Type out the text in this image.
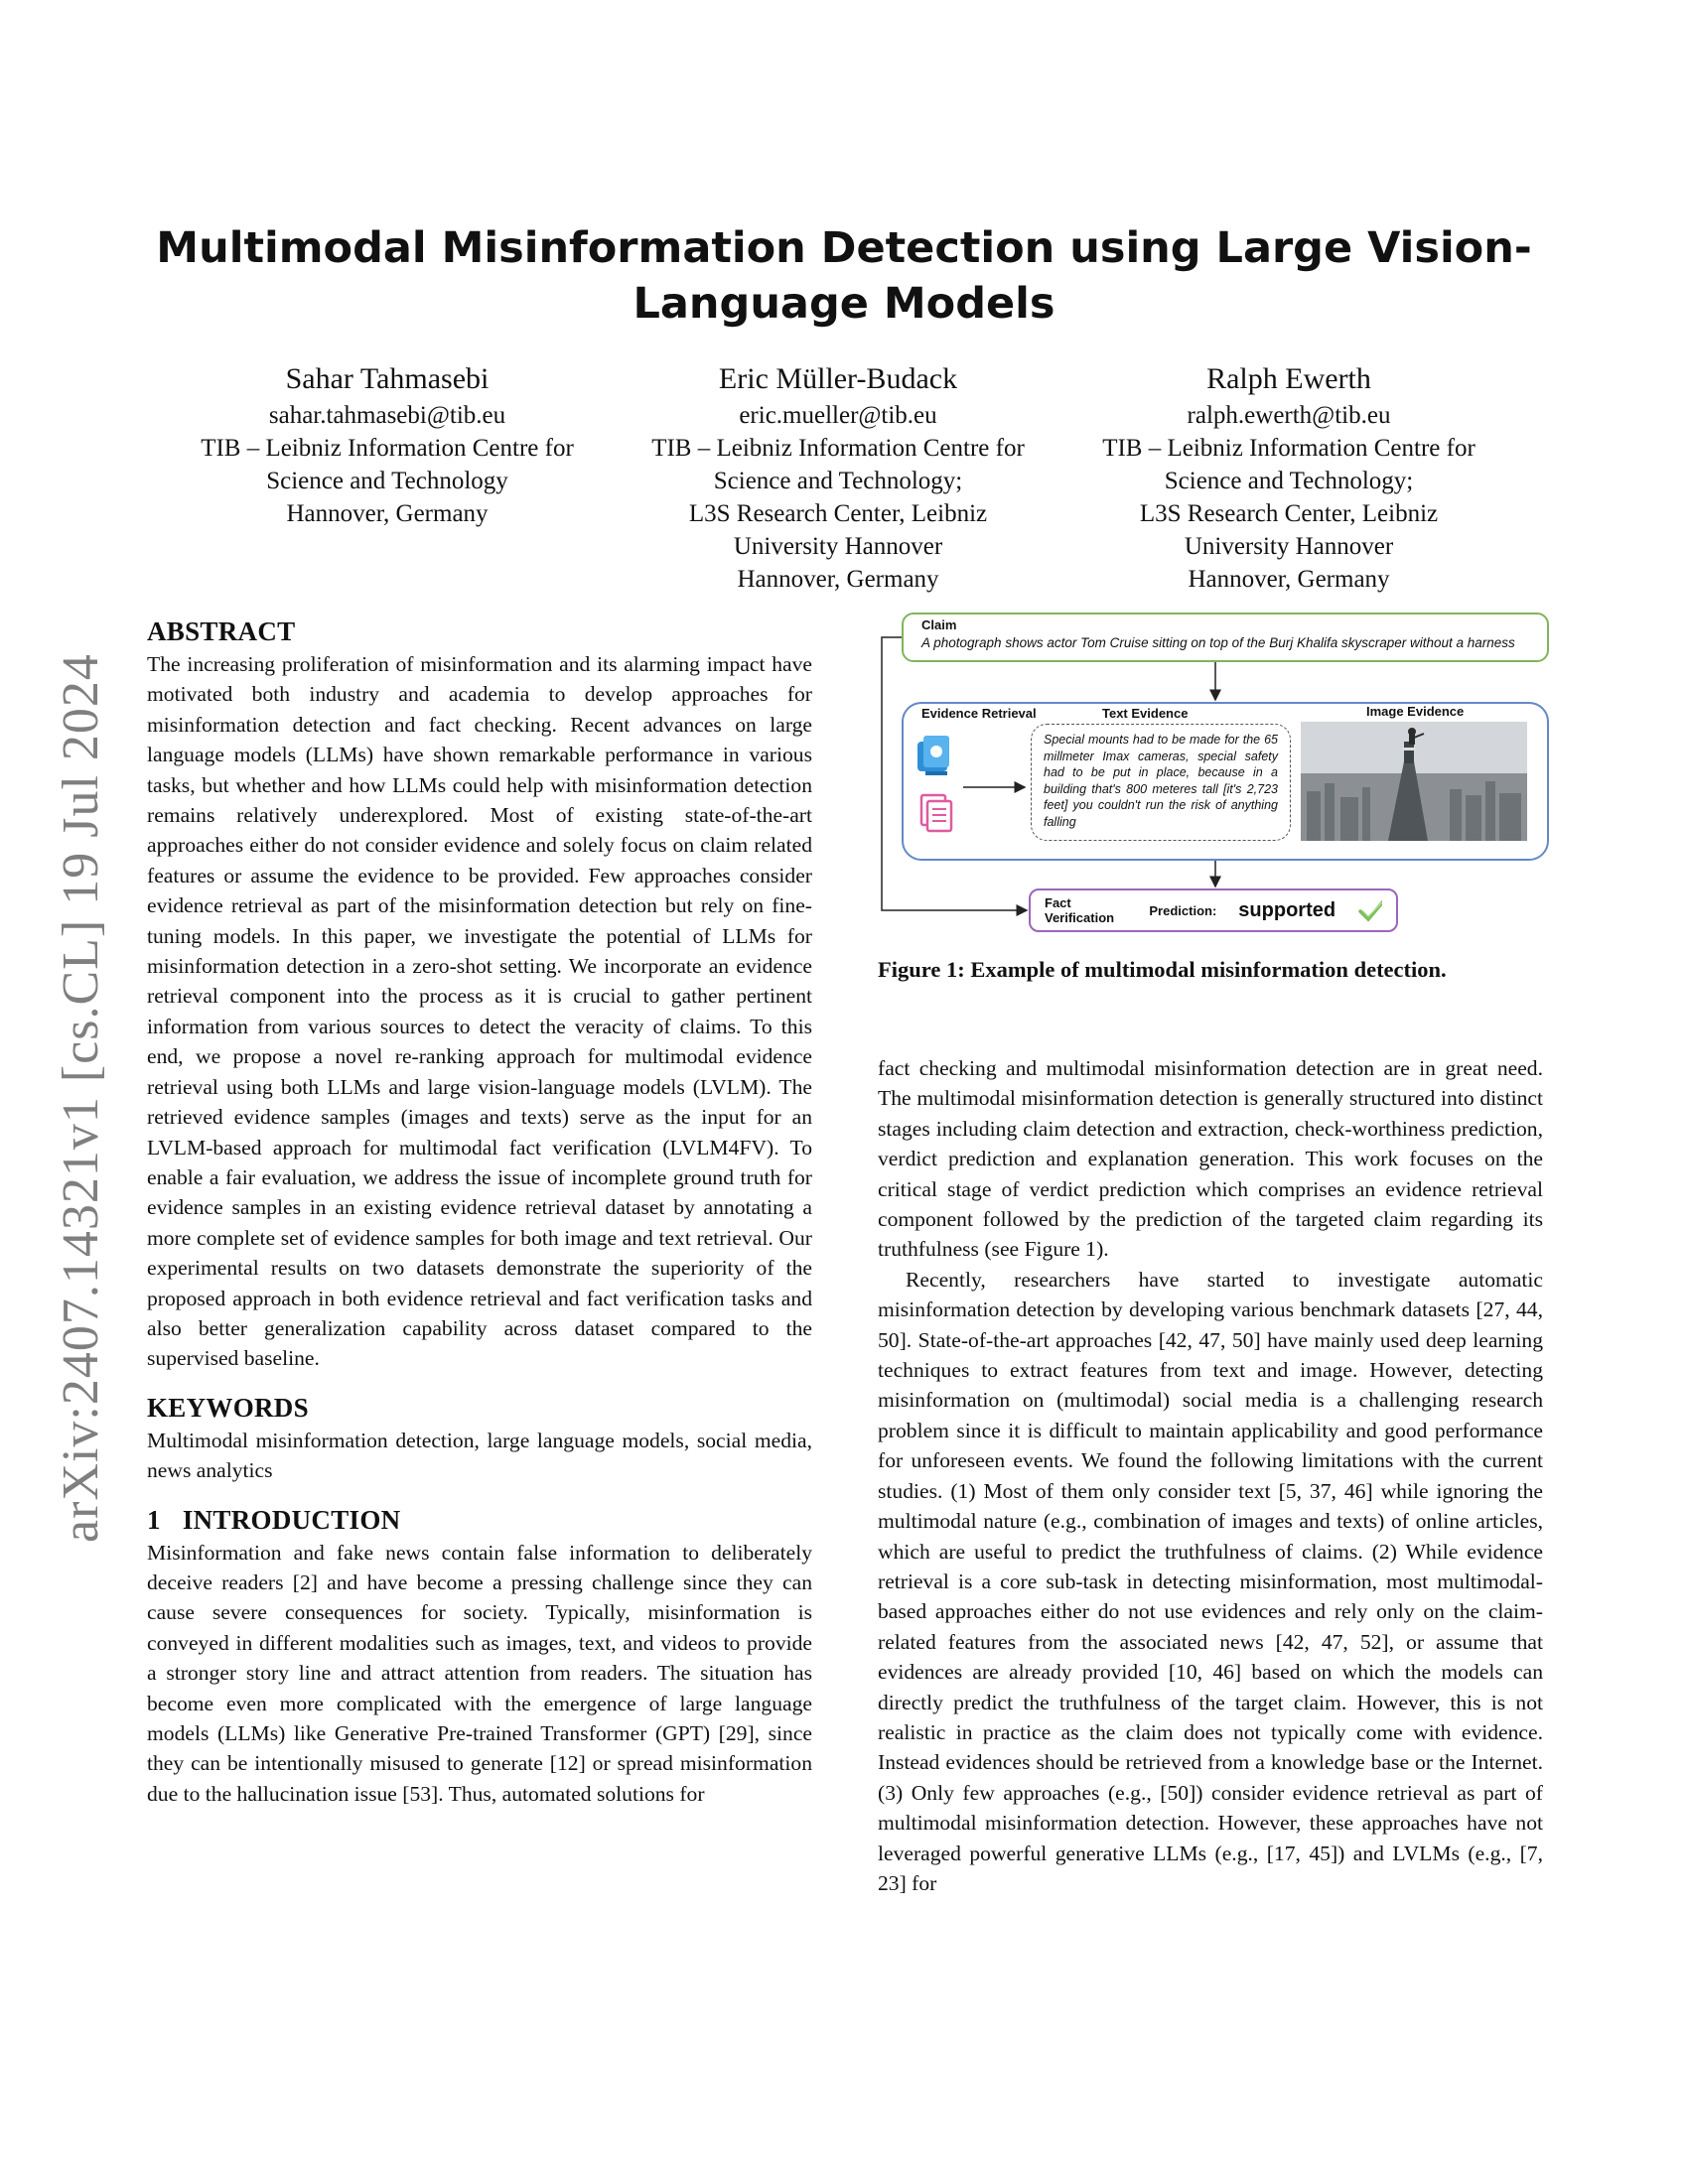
arXiv:2407.14321v1 [cs.CL] 19 Jul 2024
Multimodal Misinformation Detection using Large Vision-Language Models
Sahar Tahmasebi
sahar.tahmasebi@tib.eu
TIB – Leibniz Information Centre for
Science and Technology
Hannover, Germany
Eric Müller-Budack
eric.mueller@tib.eu
TIB – Leibniz Information Centre for
Science and Technology;
L3S Research Center, Leibniz
University Hannover
Hannover, Germany
Ralph Ewerth
ralph.ewerth@tib.eu
TIB – Leibniz Information Centre for
Science and Technology;
L3S Research Center, Leibniz
University Hannover
Hannover, Germany
ABSTRACT

The increasing proliferation of misinformation and its alarming impact have motivated both industry and academia to develop approaches for misinformation detection and fact checking. Recent advances on large language models (LLMs) have shown remarkable performance in various tasks, but whether and how LLMs could help with misinformation detection remains relatively underexplored. Most of existing state-of-the-art approaches either do not consider evidence and solely focus on claim related features or assume the evidence to be provided. Few approaches consider evidence retrieval as part of the misinformation detection but rely on fine-tuning models. In this paper, we investigate the potential of LLMs for misinformation detection in a zero-shot setting. We incorporate an evidence retrieval component into the process as it is crucial to gather pertinent information from various sources to detect the veracity of claims. To this end, we propose a novel re-ranking approach for multimodal evidence retrieval using both LLMs and large vision-language models (LVLM). The retrieved evidence samples (images and texts) serve as the input for an LVLM-based approach for multimodal fact verification (LVLM4FV). To enable a fair evaluation, we address the issue of incomplete ground truth for evidence samples in an existing evidence retrieval dataset by annotating a more complete set of evidence samples for both image and text retrieval. Our experimental results on two datasets demonstrate the superiority of the proposed approach in both evidence retrieval and fact verification tasks and also better generalization capability across dataset compared to the supervised baseline.

KEYWORDS

Multimodal misinformation detection, large language models, social media, news analytics

1 INTRODUCTION

Misinformation and fake news contain false information to deliberately deceive readers [2] and have become a pressing challenge since they can cause severe consequences for society. Typically, misinformation is conveyed in different modalities such as images, text, and videos to provide a stronger story line and attract attention from readers. The situation has become even more complicated with the emergence of large language models (LLMs) like Generative Pre-trained Transformer (GPT) [29], since they can be intentionally misused to generate [12] or spread misinformation due to the hallucination issue [53]. Thus, automated solutions for

Claim
A photograph shows actor Tom Cruise sitting on top of the Burj Khalifa skyscraper without a harness
Evidence Retrieval	Text Evidence	Image Evidence
Special mounts had to be made for the 65 millmeter Imax cameras, special safety had to be put in place, because in a building that's 800 meteres tall [it's 2,723 feet] you couldn't run the risk of anything falling
Fact Verification	Prediction: supported
Figure 1: Example of multimodal misinformation detection.

fact checking and multimodal misinformation detection are in great need. The multimodal misinformation detection is generally structured into distinct stages including claim detection and extraction, check-worthiness prediction, verdict prediction and explanation generation. This work focuses on the critical stage of verdict prediction which comprises an evidence retrieval component followed by the prediction of the targeted claim regarding its truthfulness (see Figure 1).

Recently, researchers have started to investigate automatic misinformation detection by developing various benchmark datasets [27, 44, 50]. State-of-the-art approaches [42, 47, 50] have mainly used deep learning techniques to extract features from text and image. However, detecting misinformation on (multimodal) social media is a challenging research problem since it is difficult to maintain applicability and good performance for unforeseen events. We found the following limitations with the current studies. (1) Most of them only consider text [5, 37, 46] while ignoring the multimodal nature (e.g., combination of images and texts) of online articles, which are useful to predict the truthfulness of claims. (2) While evidence retrieval is a core sub-task in detecting misinformation, most multimodal-based approaches either do not use evidences and rely only on the claim-related features from the associated news [42, 47, 52], or assume that evidences are already provided [10, 46] based on which the models can directly predict the truthfulness of the target claim. However, this is not realistic in practice as the claim does not typically come with evidence. Instead evidences should be retrieved from a knowledge base or the Internet. (3) Only few approaches (e.g., [50]) consider evidence retrieval as part of multimodal misinformation detection. However, these approaches have not leveraged powerful generative LLMs (e.g., [17, 45]) and LVLMs (e.g., [7, 23] for
